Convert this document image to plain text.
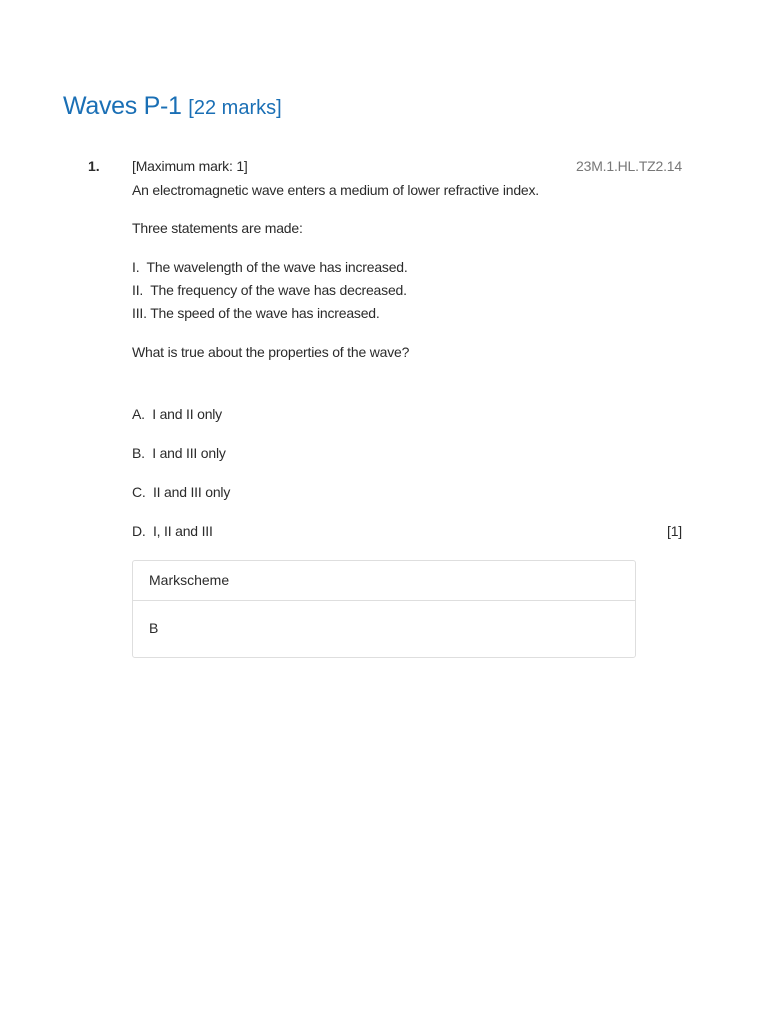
Waves P-1 [22 marks]
1. [Maximum mark: 1]	23M.1.HL.TZ2.14

An electromagnetic wave enters a medium of lower refractive index.

Three statements are made:

I.  The wavelength of the wave has increased.
II.  The frequency of the wave has decreased.
III. The speed of the wave has increased.

What is true about the properties of the wave?

A.  I and II only
B.  I and III only
C.  II and III only
D.  I, II and III	[1]
Markscheme
B
